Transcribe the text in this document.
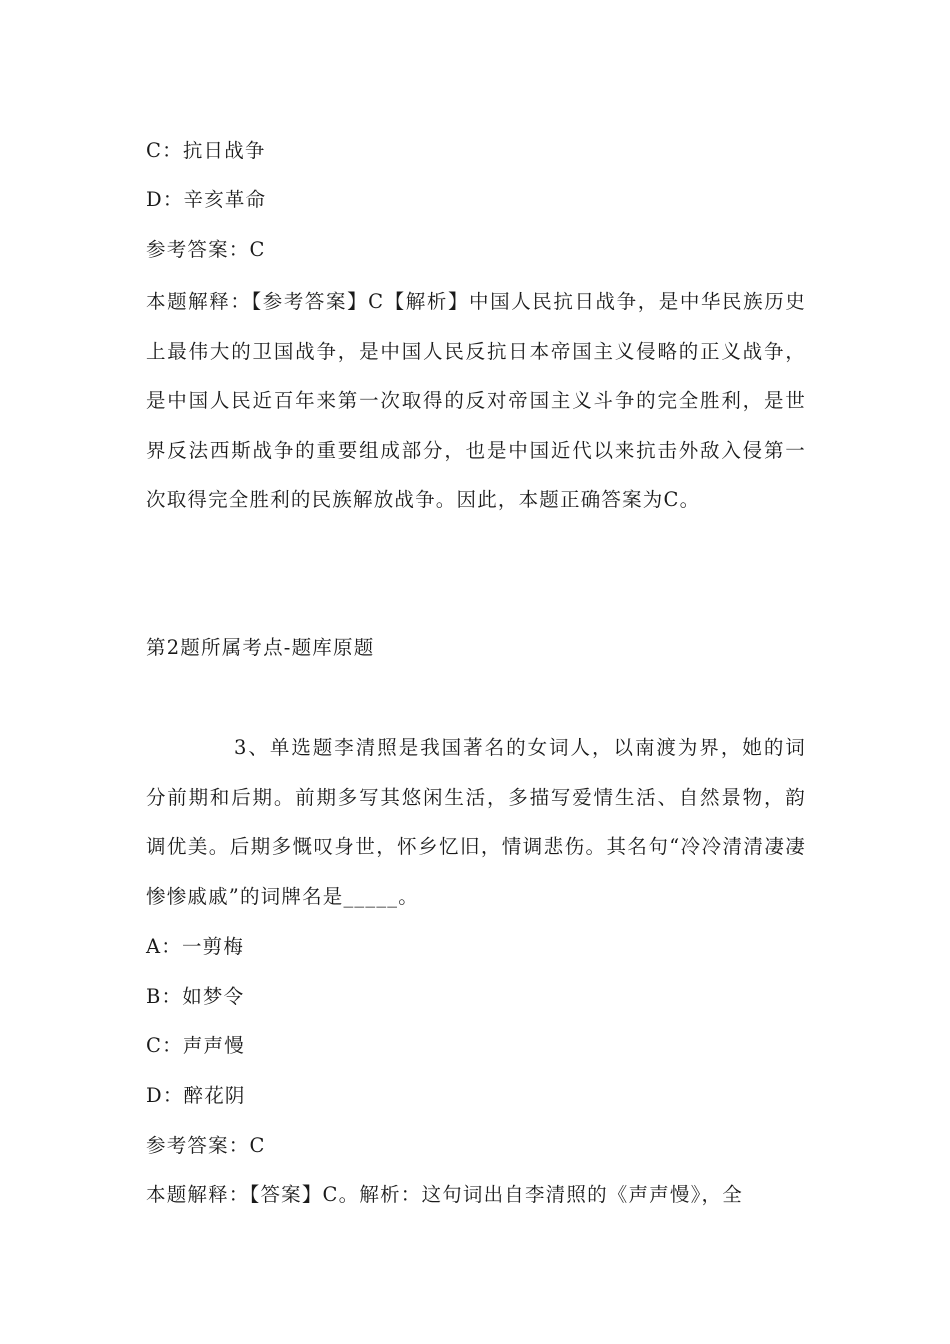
C：抗日战争
D：辛亥革命
参考答案：C
本题解释：【参考答案】C【解析】中国人民抗日战争，是中华民族历史上最伟大的卫国战争，是中国人民反抗日本帝国主义侵略的正义战争，是中国人民近百年来第一次取得的反对帝国主义斗争的完全胜利，是世界反法西斯战争的重要组成部分，也是中国近代以来抗击外敌入侵第一次取得完全胜利的民族解放战争。因此，本题正确答案为C。
第2题所属考点-题库原题
3、单选题李清照是我国著名的女词人，以南渡为界，她的词分前期和后期。前期多写其悠闲生活，多描写爱情生活、自然景物，韵调优美。后期多慨叹身世，怀乡忆旧，情调悲伤。其名句“冷冷清清凄凄惨惨戚戚”的词牌名是_____。
A：一剪梅
B：如梦令
C：声声慢
D：醉花阴
参考答案：C
本题解释：【答案】C。解析：这句词出自李清照的《声声慢》，全
